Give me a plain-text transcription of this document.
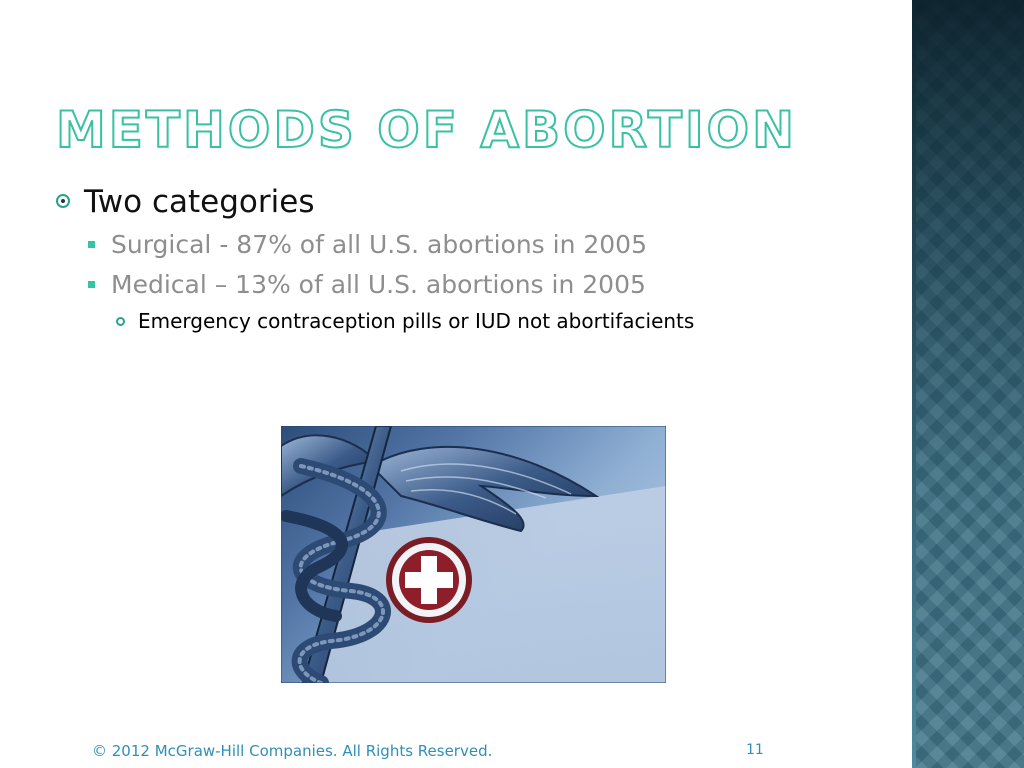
METHODS OF ABORTION
Two categories
Surgical - 87% of all U.S. abortions in 2005
Medical – 13% of all U.S. abortions in 2005
Emergency contraception pills or IUD not abortifacients
© 2012 McGraw-Hill Companies. All Rights Reserved.	11
